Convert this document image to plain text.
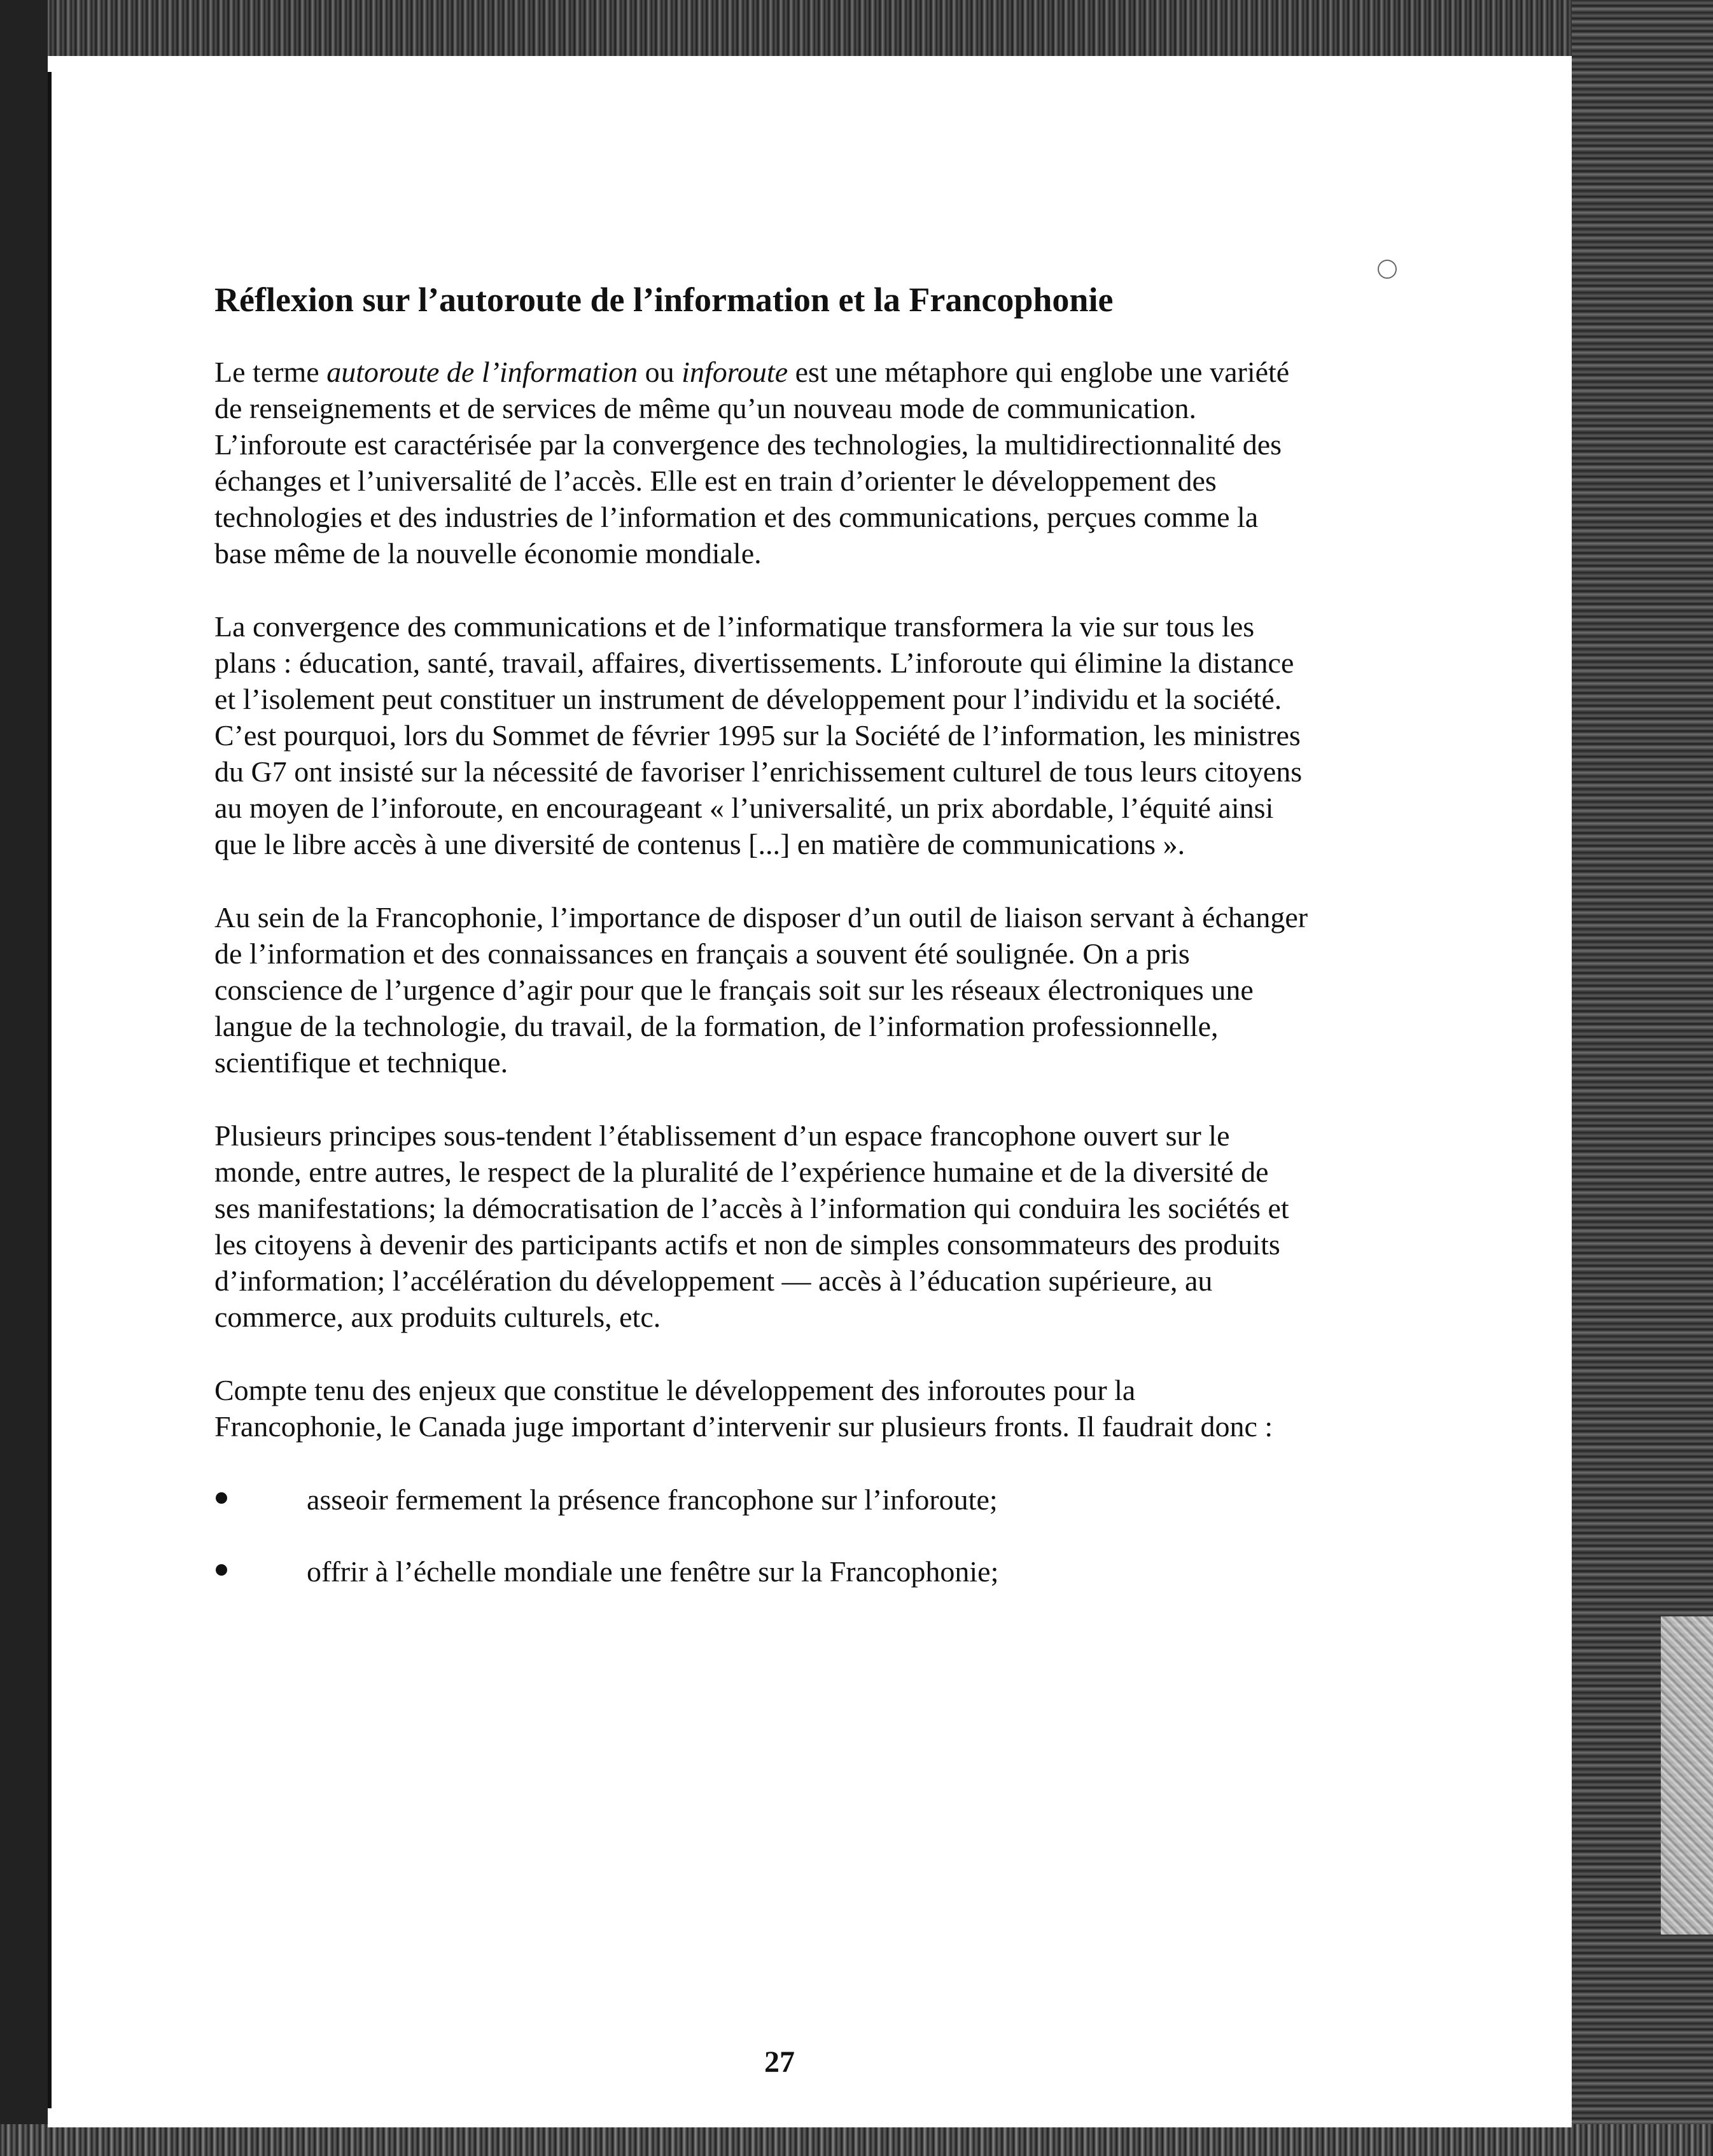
Réflexion sur l’autoroute de l’information et la Francophonie

Le terme autoroute de l’information ou inforoute est une métaphore qui englobe une variété de renseignements et de services de même qu’un nouveau mode de communication. L’inforoute est caractérisée par la convergence des technologies, la multidirectionnalité des échanges et l’universalité de l’accès. Elle est en train d’orienter le développement des technologies et des industries de l’information et des communications, perçues comme la base même de la nouvelle économie mondiale.

La convergence des communications et de l’informatique transformera la vie sur tous les plans : éducation, santé, travail, affaires, divertissements. L’inforoute qui élimine la distance et l’isolement peut constituer un instrument de développement pour l’individu et la société. C’est pourquoi, lors du Sommet de février 1995 sur la Société de l’information, les ministres du G7 ont insisté sur la nécessité de favoriser l’enrichissement culturel de tous leurs citoyens au moyen de l’inforoute, en encourageant « l’universalité, un prix abordable, l’équité ainsi que le libre accès à une diversité de contenus [...] en matière de communications ».

Au sein de la Francophonie, l’importance de disposer d’un outil de liaison servant à échanger de l’information et des connaissances en français a souvent été soulignée. On a pris conscience de l’urgence d’agir pour que le français soit sur les réseaux électroniques une langue de la technologie, du travail, de la formation, de l’information professionnelle, scientifique et technique.

Plusieurs principes sous-tendent l’établissement d’un espace francophone ouvert sur le monde, entre autres, le respect de la pluralité de l’expérience humaine et de la diversité de ses manifestations; la démocratisation de l’accès à l’information qui conduira les sociétés et les citoyens à devenir des participants actifs et non de simples consommateurs des produits d’information; l’accélération du développement — accès à l’éducation supérieure, au commerce, aux produits culturels, etc.

Compte tenu des enjeux que constitue le développement des inforoutes pour la Francophonie, le Canada juge important d’intervenir sur plusieurs fronts. Il faudrait donc :

asseoir fermement la présence francophone sur l’inforoute;
offrir à l’échelle mondiale une fenêtre sur la Francophonie;
27
